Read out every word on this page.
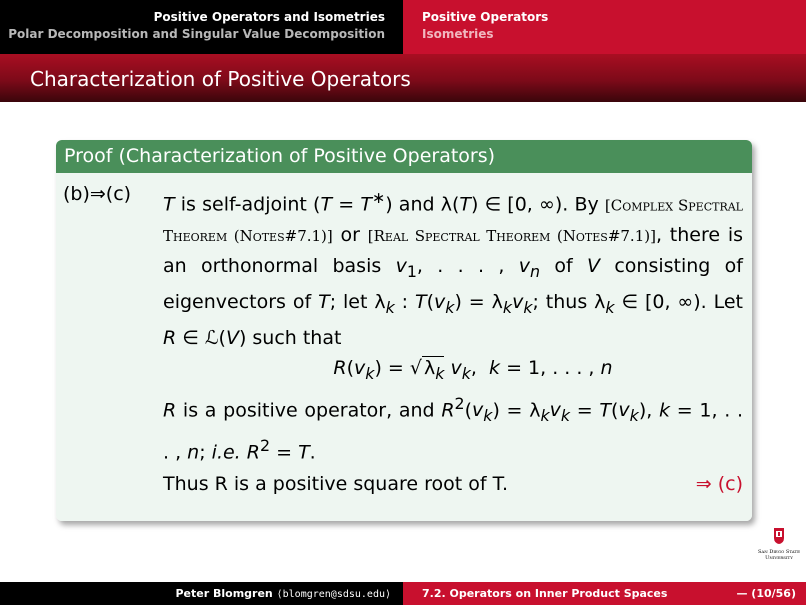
Positive Operators and Isometries
Polar Decomposition and Singular Value Decomposition
Positive Operators
Isometries
Characterization of Positive Operators
Proof (Characterization of Positive Operators)
(b)⇒(c) T is self-adjoint (T = T∗) and λ(T) ∈ [0, ∞). By [Complex Spectral Theorem (Notes#7.1)] or [Real Spectral Theorem (Notes#7.1)], there is an orthonormal basis $v_1$, . . . , $v_n$ of V consisting of eigenvectors of T; let $\lambda_k$ : $T(v_k) = \lambda_kv_k$; thus $\lambda_k$ ∈ [0, ∞). Let R ∈ ℒ(V) such that

$R(v_k)$ = √ $\lambda_k$ $v_k$,  k = 1, . . . , n

R is a positive operator, and $R^2(v_k) = \lambda_kv_k = T(v_k)$, k = 1, . . . , n; i.e. $R^2 = T$.

Thus R is a positive square root of T.	⇒ (c)

San Diego State
University
Peter Blomgren ⟨blomgren@sdsu.edu⟩	7.2. Operators on Inner Product Spaces	— (10/56)
